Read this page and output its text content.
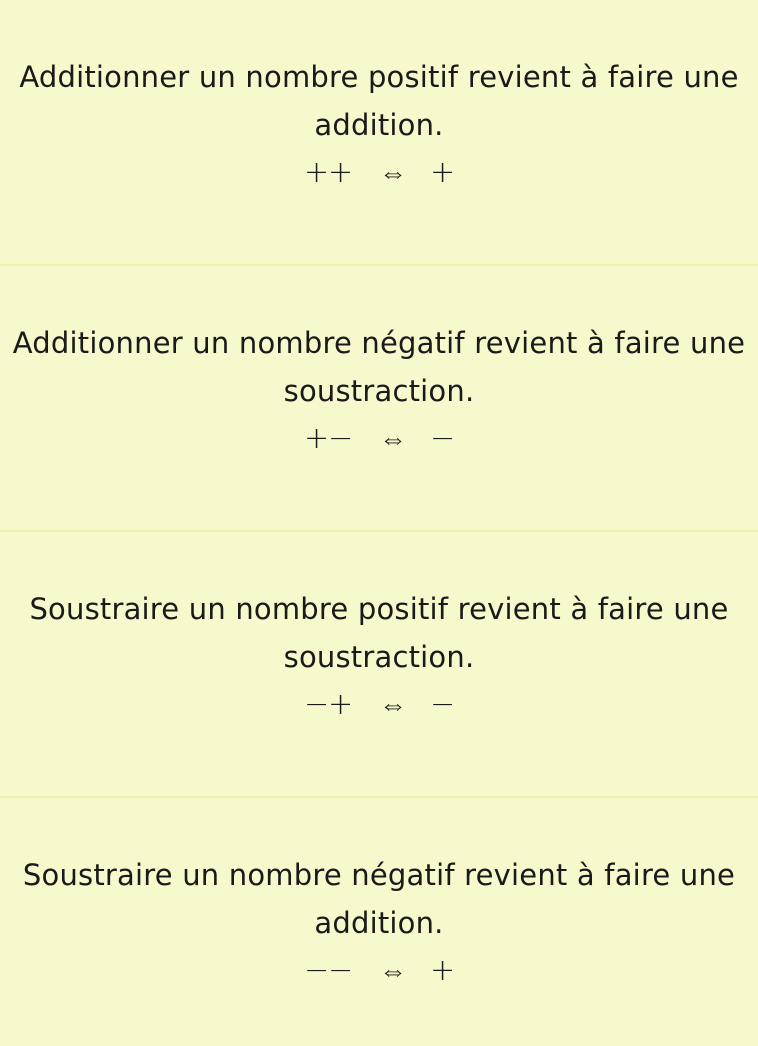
Additionner un nombre positif revient à faire une addition.
+
+ ⇔ +
Additionner un nombre négatif revient à faire une soustraction.
+
− ⇔ −
Soustraire un nombre positif revient à faire une soustraction.
−
+ ⇔ −
Soustraire un nombre négatif revient à faire une addition.
−
− ⇔ +
